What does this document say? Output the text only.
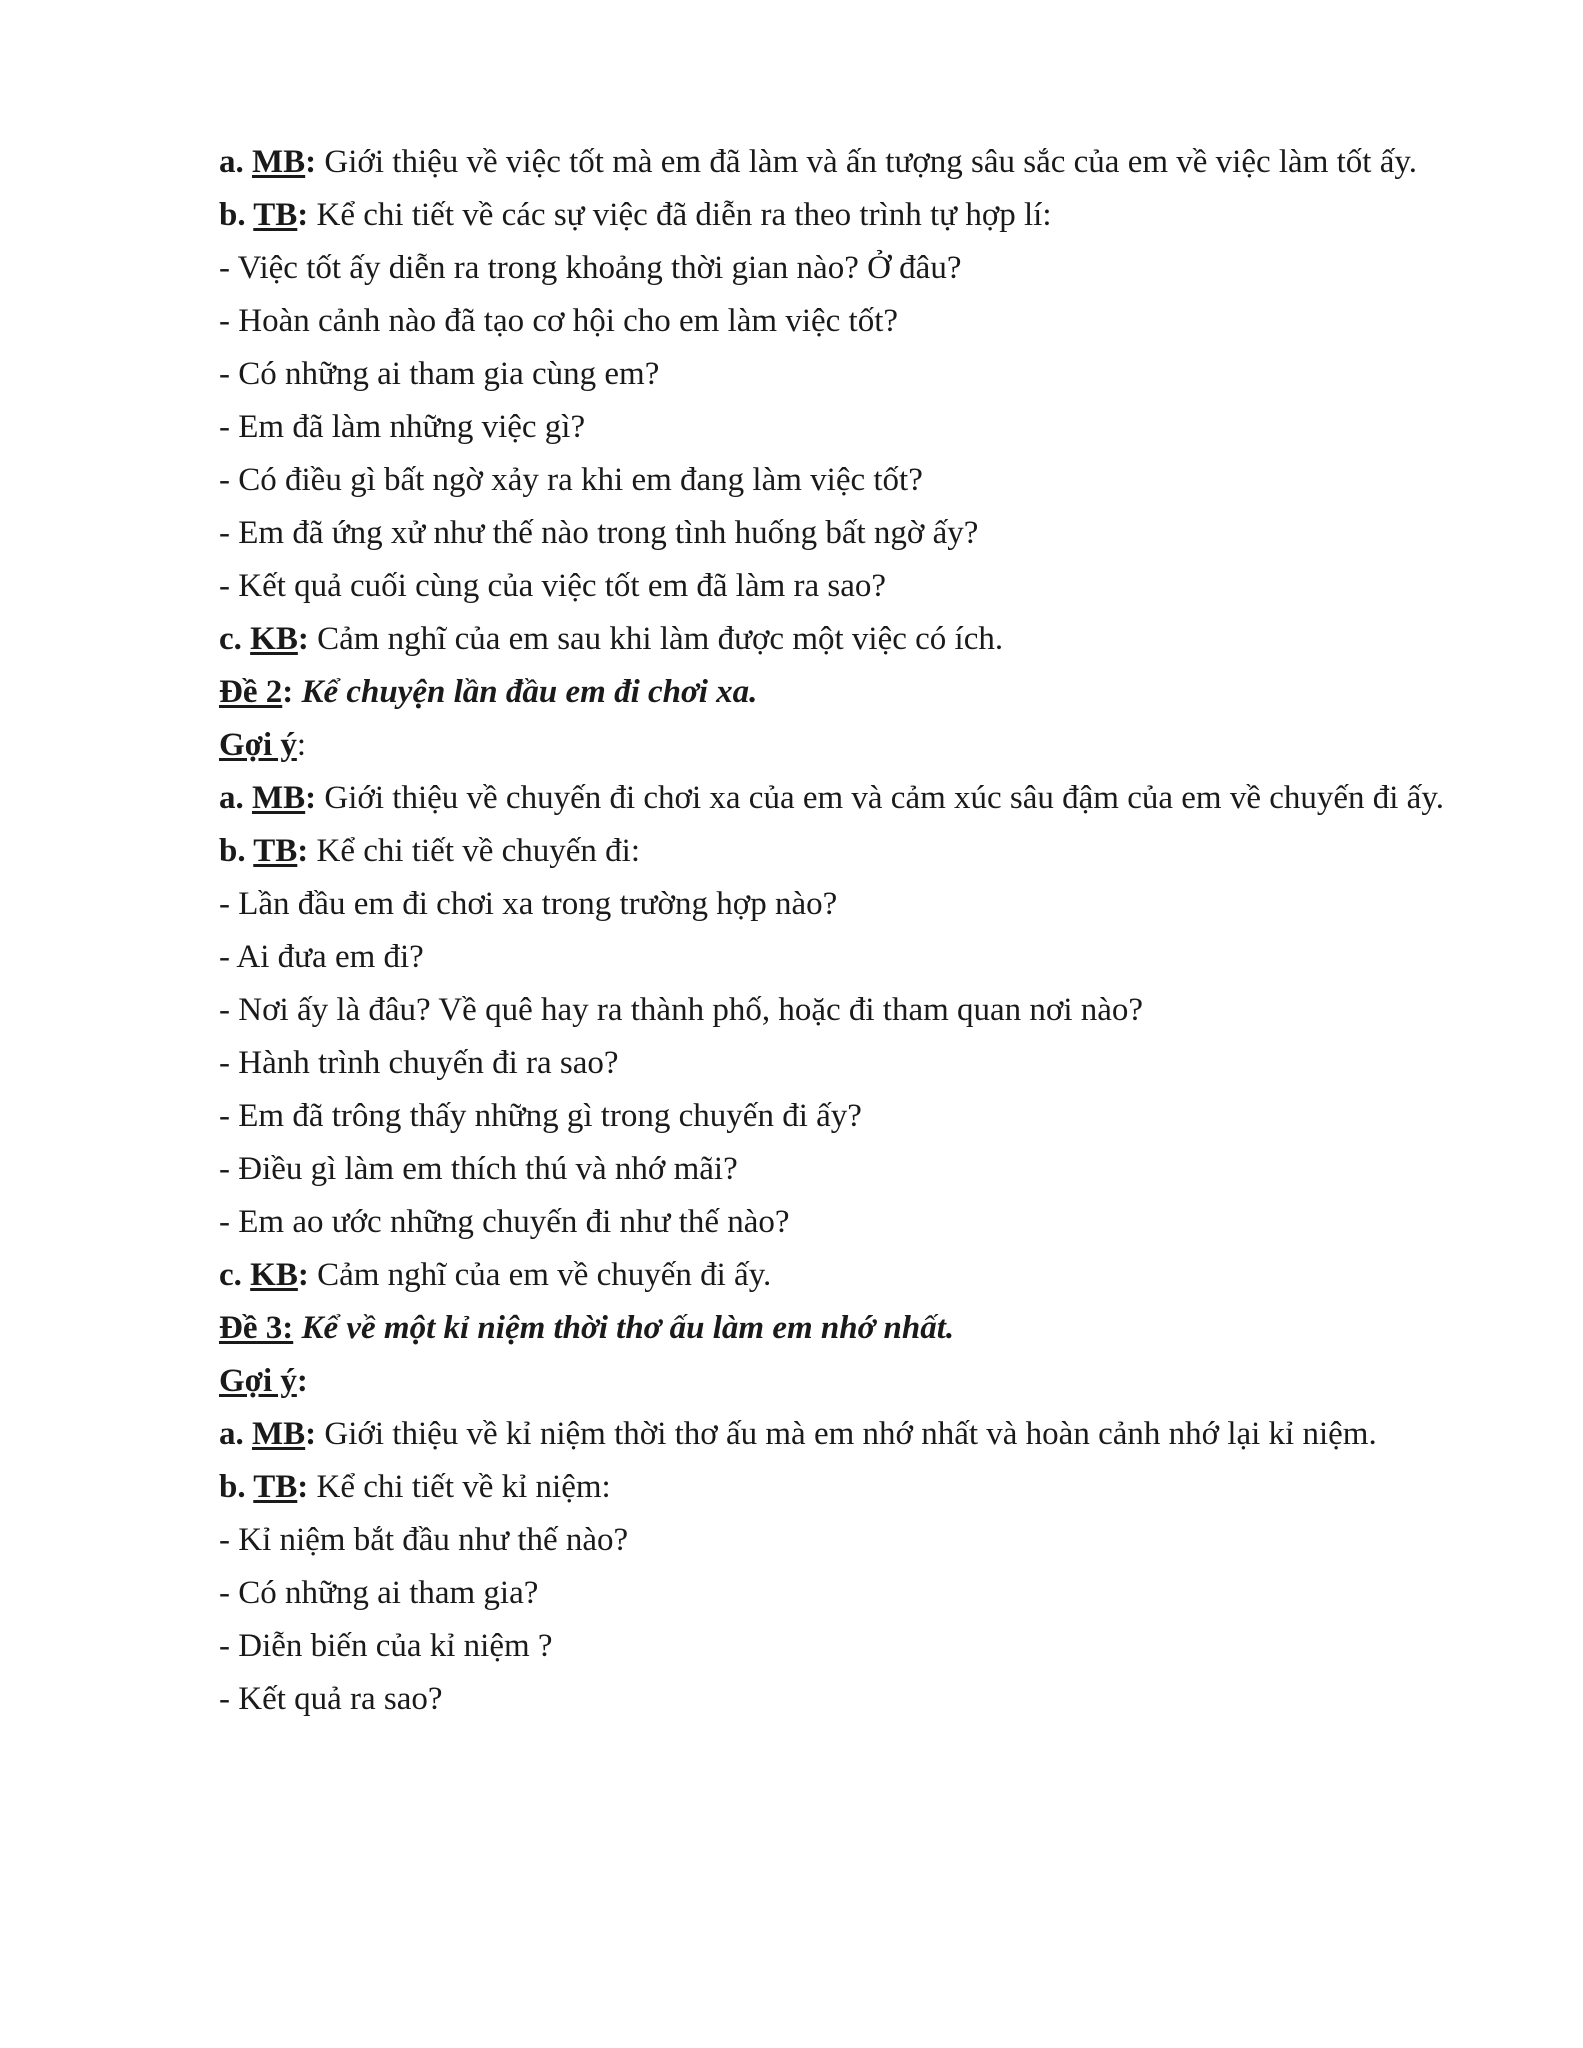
a. MB: Giới thiệu về việc tốt mà em đã làm và ấn tượng sâu sắc của em về việc làm tốt ấy.

b. TB: Kể chi tiết về các sự việc đã diễn ra theo trình tự hợp lí:

- Việc tốt ấy diễn ra trong khoảng thời gian nào? Ở đâu?

- Hoàn cảnh nào đã tạo cơ hội cho em làm việc tốt?

- Có những ai tham gia cùng em?

- Em đã làm những việc gì?

- Có điều gì bất ngờ xảy ra khi em đang làm việc tốt?

- Em đã ứng xử như thế nào trong tình huống bất ngờ ấy?

- Kết quả cuối cùng của việc tốt em đã làm ra sao?

c. KB: Cảm nghĩ của em sau khi làm được một việc có ích.

Đề 2: Kể chuyện lần đầu em đi chơi xa.

Gợi ý:

a. MB: Giới thiệu về chuyến đi chơi xa của em và cảm xúc sâu đậm của em về chuyến đi ấy.

b. TB: Kể chi tiết về chuyến đi:

- Lần đầu em đi chơi xa trong trường hợp nào?

- Ai đưa em đi?

- Nơi ấy là đâu? Về quê hay ra thành phố, hoặc đi tham quan nơi nào?

- Hành trình chuyến đi ra sao?

- Em đã trông thấy những gì trong chuyến đi ấy?

- Điều gì làm em thích thú và nhớ mãi?

- Em ao ước những chuyến đi như thế nào?

c. KB: Cảm nghĩ của em về chuyến đi ấy.

Đề 3: Kể về một kỉ niệm thời thơ ấu làm em nhớ nhất.

Gợi ý:

a. MB: Giới thiệu về kỉ niệm thời thơ ấu mà em nhớ nhất và hoàn cảnh nhớ lại kỉ niệm.

b. TB: Kể chi tiết về kỉ niệm:

- Kỉ niệm bắt đầu như thế nào?

- Có những ai tham gia?

- Diễn biến của kỉ niệm ?

- Kết quả ra sao?
